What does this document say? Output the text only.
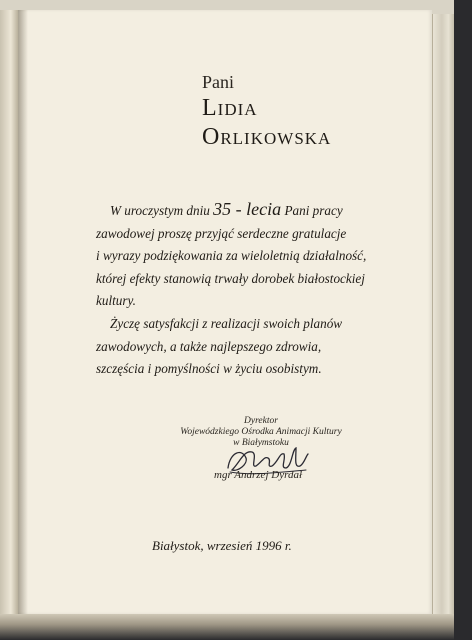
Pani
Lidia
Orlikowska
W uroczystym dniu 35 - lecia Pani pracy
zawodowej proszę przyjąć serdeczne gratulacje
i wyrazy podziękowania za wieloletnią działalność,
której efekty stanowią trwały dorobek białostockiej
kultury.
Życzę satysfakcji z realizacji swoich planów
zawodowych, a także najlepszego zdrowia,
szczęścia i pomyślności w życiu osobistym.
Dyrektor
Wojewódzkiego Ośrodka Animacji Kultury
w Białymstoku
mgr Andrzej Dyrdał
Białystok, wrzesień 1996 r.
